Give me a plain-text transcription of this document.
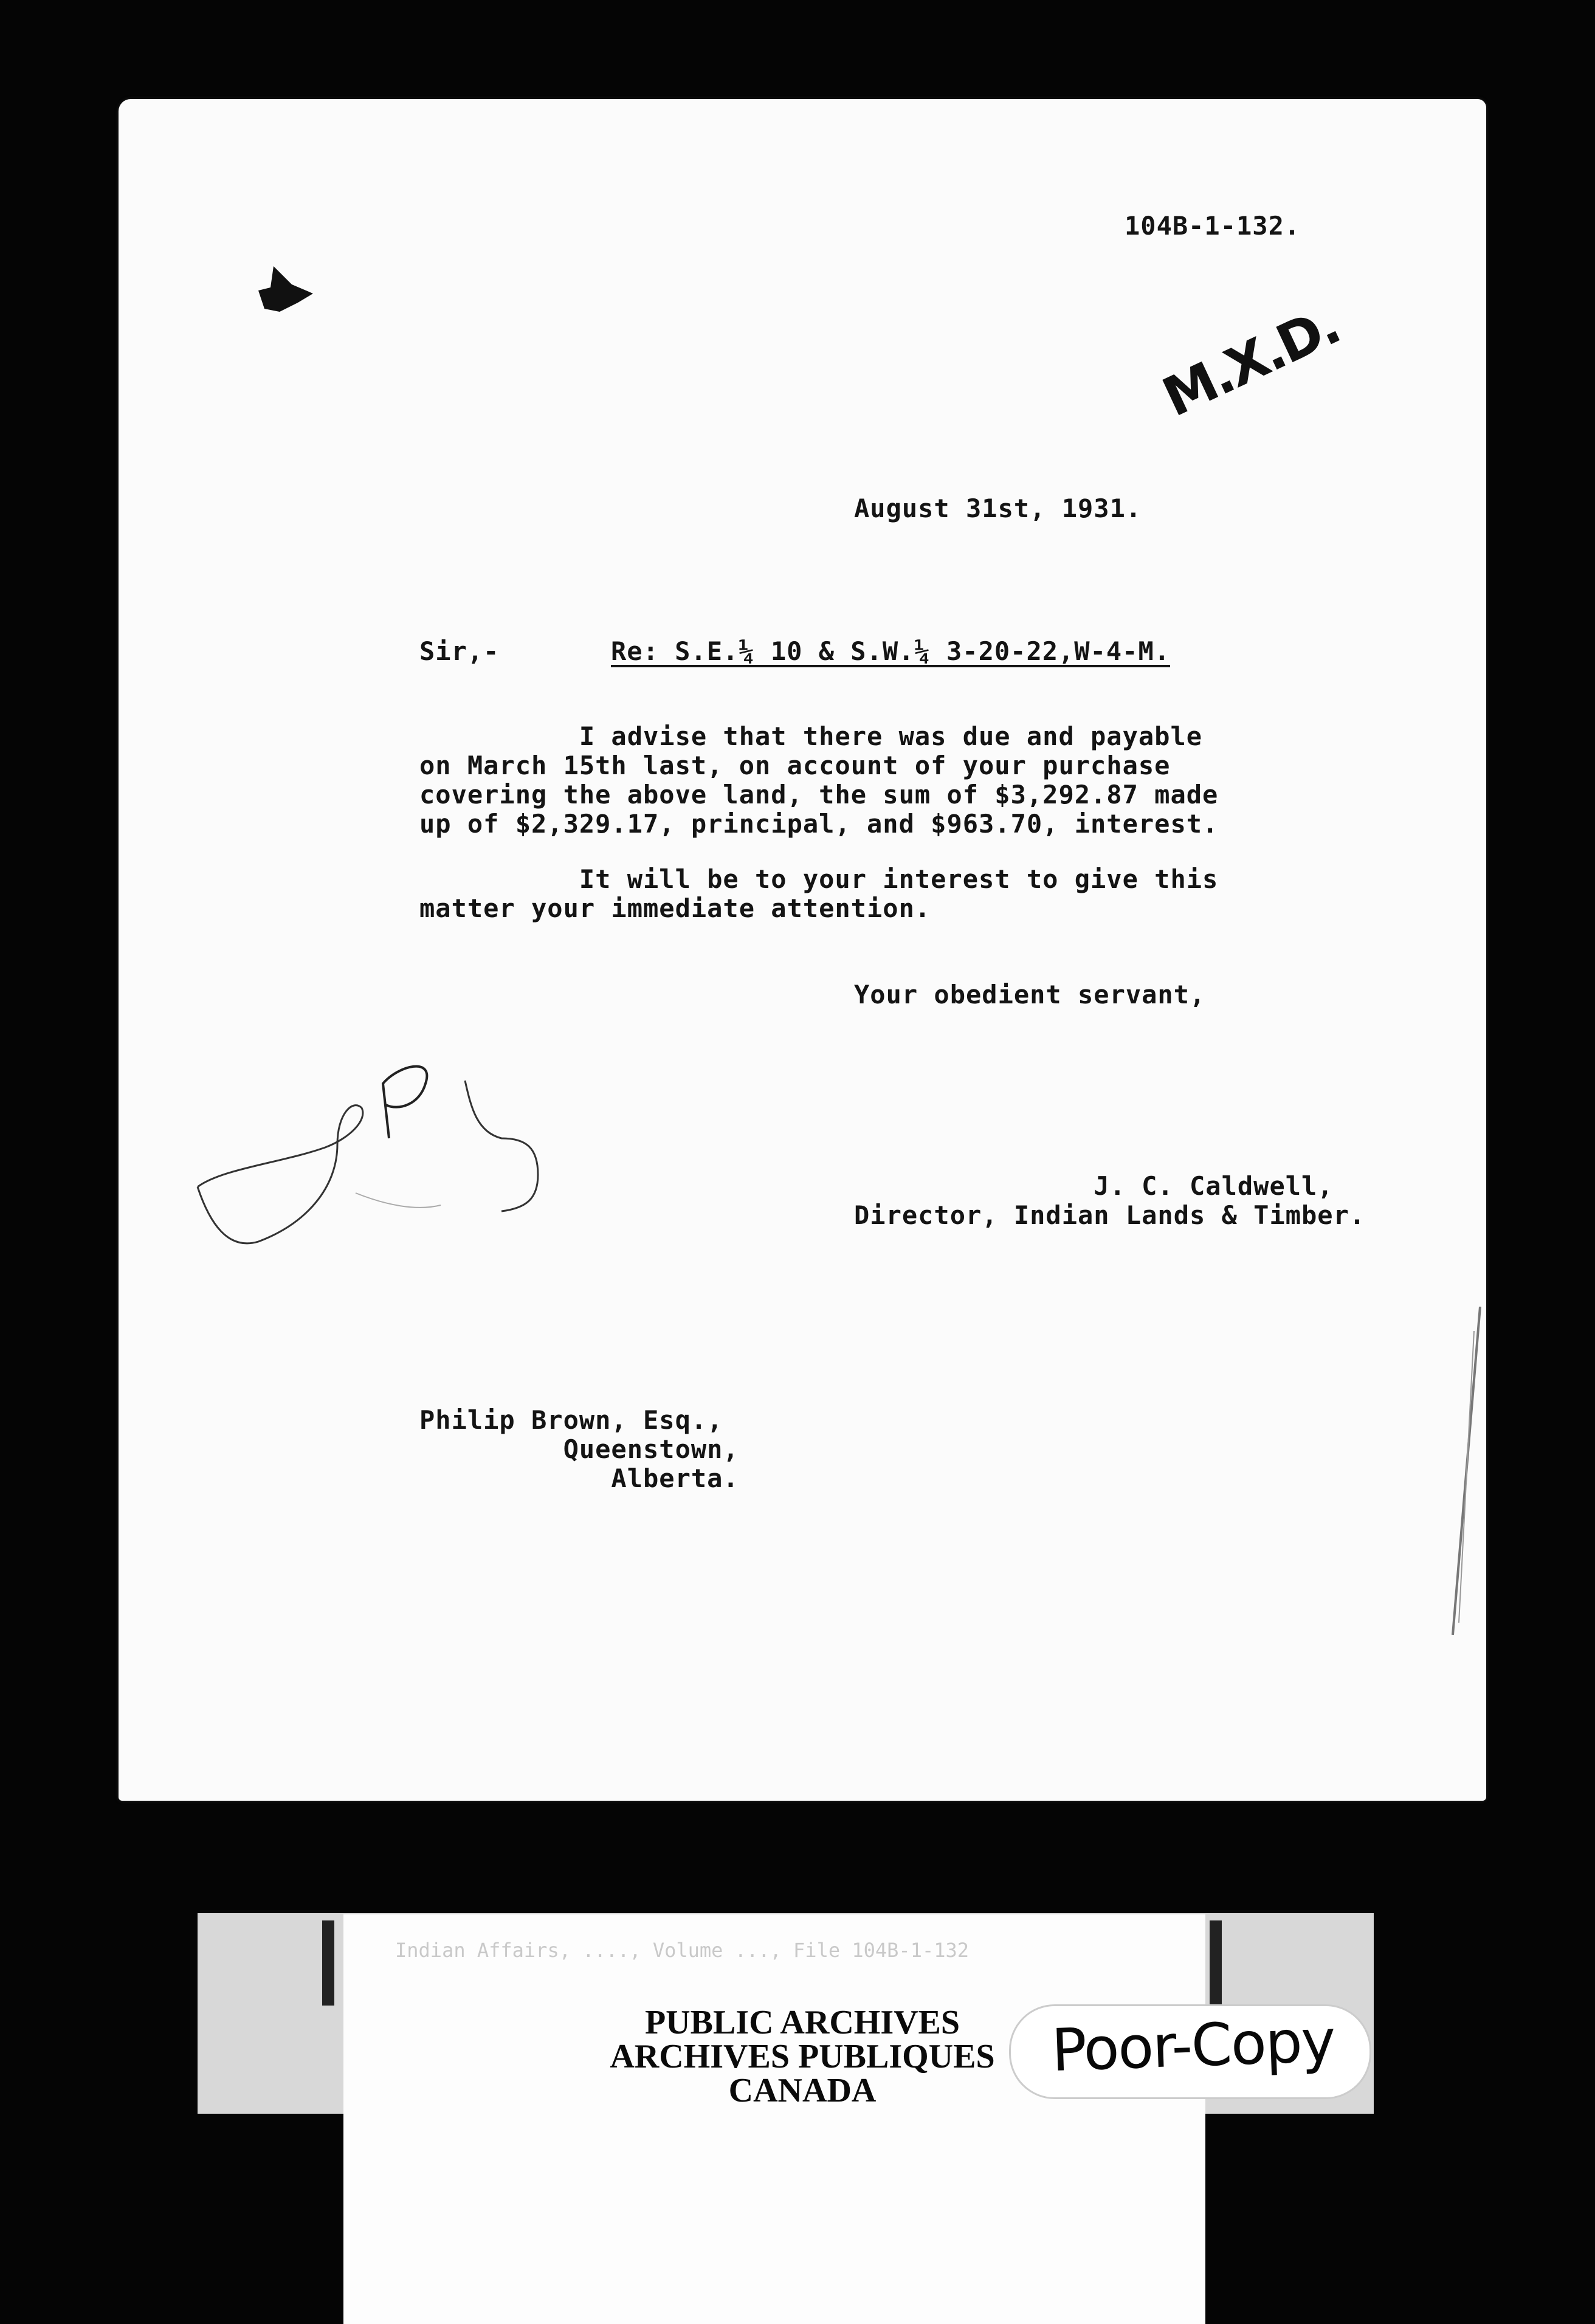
104B-1-132.
M.X.D.
August 31st, 1931.
Sir,-	Re: S.E.¼ 10 & S.W.¼ 3-20-22,W-4-M.
I advise that there was due and payable
on March 15th last, on account of your purchase
covering the above land, the sum of $3,292.87 made
up of $2,329.17, principal, and $963.70, interest.
It will be to your interest to give this
matter your immediate attention.
Your obedient servant,
J. C. Caldwell,
Director, Indian Lands & Timber.
Philip Brown, Esq.,
Queenstown,
Alberta.
Indian Affairs, ...., Volume ..., File 104B-1-132
PUBLIC ARCHIVES
ARCHIVES PUBLIQUES
CANADA
Poor-Copy
